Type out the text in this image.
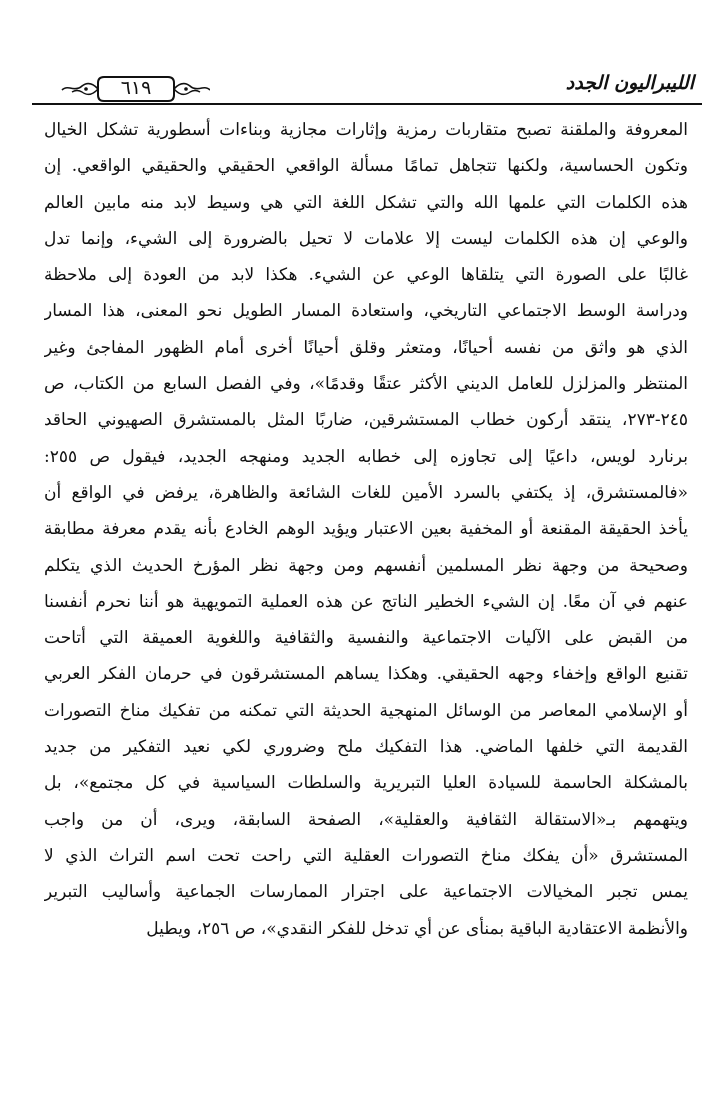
الليبراليون الجدد
٦١٩
المعروفة والملقنة تصبح متقاربات رمزية وإثارات مجازية وبناءات أسطورية تشكل الخيال
وتكون الحساسية، ولكنها تتجاهل تمامًا مسألة الواقعي الحقيقي والحقيقي الواقعي. إن
هذه الكلمات التي علمها الله والتي تشكل اللغة التي هي وسيط لابد منه مابين العالم
والوعي إن هذه الكلمات ليست إلا علامات لا تحيل بالضرورة إلى الشيء، وإنما تدل
غالبًا على الصورة التي يتلقاها الوعي عن الشيء. هكذا لابد من العودة إلى ملاحظة
ودراسة الوسط الاجتماعي التاريخي، واستعادة المسار الطويل نحو المعنى، هذا المسار
الذي هو واثق من نفسه أحيانًا، ومتعثر وقلق أحيانًا أخرى أمام الظهور المفاجئ وغير
المنتظر والمزلزل للعامل الديني الأكثر عتقًا وقدمًا»، وفي الفصل السابع من الكتاب، ص
٢٤٥-٢٧٣، ينتقد أركون خطاب المستشرقين، ضاربًا المثل بالمستشرق الصهيوني الحاقد
برنارد لويس، داعيًا إلى تجاوزه إلى خطابه الجديد ومنهجه الجديد، فيقول ص ٢٥٥:
«فالمستشرق، إذ يكتفي بالسرد الأمين للغات الشائعة والظاهرة، يرفض في الواقع أن
يأخذ الحقيقة المقنعة أو المخفية بعين الاعتبار ويؤيد الوهم الخادع بأنه يقدم معرفة مطابقة
وصحيحة من وجهة نظر المسلمين أنفسهم ومن وجهة نظر المؤرخ الحديث الذي يتكلم
عنهم في آن معًا. إن الشيء الخطير الناتج عن هذه العملية التمويهية هو أننا نحرم أنفسنا
من القبض على الآليات الاجتماعية والنفسية والثقافية واللغوية العميقة التي أتاحت
تقنيع الواقع وإخفاء وجهه الحقيقي. وهكذا يساهم المستشرقون في حرمان الفكر العربي
أو الإسلامي المعاصر من الوسائل المنهجية الحديثة التي تمكنه من تفكيك مناخ التصورات
القديمة التي خلفها الماضي. هذا التفكيك ملح وضروري لكي نعيد التفكير من جديد
بالمشكلة الحاسمة للسيادة العليا التبريرية والسلطات السياسية في كل مجتمع»، بل
ويتهمهم بـ«الاستقالة الثقافية والعقلية»، الصفحة السابقة، ويرى، أن من واجب
المستشرق «أن يفكك مناخ التصورات العقلية التي راحت تحت اسم التراث الذي لا
يمس تجبر المخيالات الاجتماعية على اجترار الممارسات الجماعية وأساليب التبرير
والأنظمة الاعتقادية الباقية بمنأى عن أي تدخل للفكر النقدي»، ص ٢٥٦، ويطيل
